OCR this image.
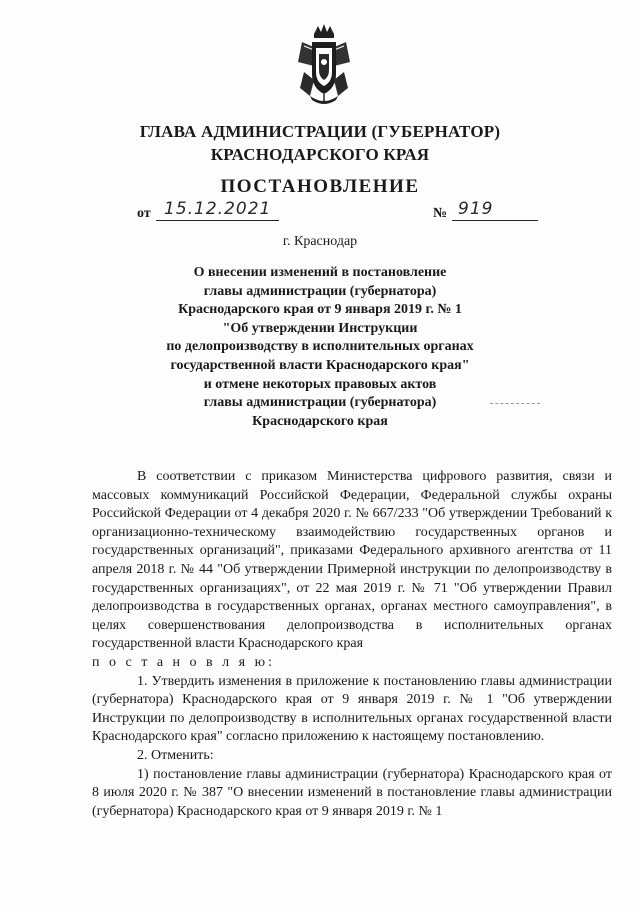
ГЛАВА АДМИНИСТРАЦИИ (ГУБЕРНАТОР)
КРАСНОДАРСКОГО КРАЯ
ПОСТАНОВЛЕНИЕ
от 15.12.2021	№ 919
г. Краснодар
О внесении изменений в постановление
главы администрации (губернатора)
Краснодарского края от 9 января 2019 г. № 1
"Об утверждении Инструкции
по делопроизводству в исполнительных органах
государственной власти Краснодарского края"
и отмене некоторых правовых актов
главы администрации (губернатора)
Краснодарского края

В соответствии с приказом Министерства цифрового развития, связи и массовых коммуникаций Российской Федерации, Федеральной службы охраны Российской Федерации от 4 декабря 2020 г. № 667/233 "Об утверждении Требований к организационно-техническому взаимодействию государственных органов и государственных организаций", приказами Федерального архивного агентства от 11 апреля 2018 г. № 44 "Об утверждении Примерной инструкции по делопроизводству в государственных организациях", от 22 мая 2019 г. № 71 "Об утверждении Правил делопроизводства в государственных органах, органах местного самоуправления", в целях совершенствования делопроизводства в исполнительных органах государственной власти Краснодарского края

п о с т а н о в л я ю:

1. Утвердить изменения в приложение к постановлению главы администрации (губернатора) Краснодарского края от 9 января 2019 г. № 1 "Об утверждении Инструкции по делопроизводству в исполнительных органах государственной власти Краснодарского края" согласно приложению к настоящему постановлению.

2. Отменить:

1) постановление главы администрации (губернатора) Краснодарского края от 8 июля 2020 г. № 387 "О внесении изменений в постановление главы администрации (губернатора) Краснодарского края от 9 января 2019 г. № 1
